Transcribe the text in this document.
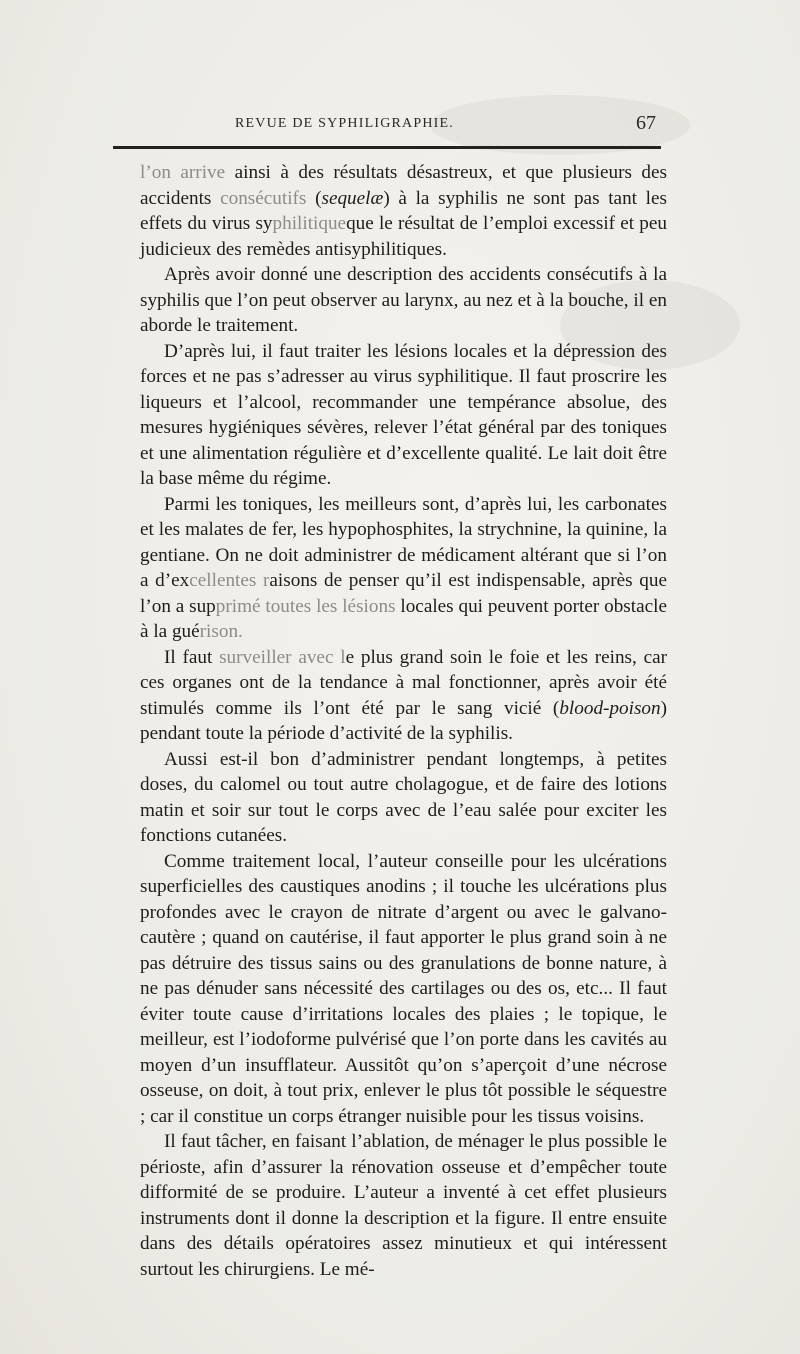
REVUE DE SYPHILIGRAPHIE.	67

l’on arrive ainsi à des résultats désastreux, et que plusieurs des accidents consécutifs (sequelæ) à la syphilis ne sont pas tant les effets du virus syphilitiqueque le résultat de l’emploi excessif et peu judicieux des remèdes antisyphilitiques.

Après avoir donné une description des accidents consécutifs à la syphilis que l’on peut observer au larynx, au nez et à la bouche, il en aborde le traitement.

D’après lui, il faut traiter les lésions locales et la dépression des forces et ne pas s’adresser au virus syphilitique. Il faut proscrire les liqueurs et l’alcool, recommander une tempérance absolue, des mesures hygiéniques sévères, relever l’état général par des toniques et une alimentation régulière et d’excellente qualité. Le lait doit être la base même du régime.

Parmi les toniques, les meilleurs sont, d’après lui, les carbonates et les malates de fer, les hypophosphites, la strychnine, la quinine, la gentiane. On ne doit administrer de médicament altérant que si l’on a d’excellentes raisons de penser qu’il est indispensable, après que l’on a supprimé toutes les lésions locales qui peuvent porter obstacle à la guérison.

Il faut surveiller avec le plus grand soin le foie et les reins, car ces organes ont de la tendance à mal fonctionner, après avoir été stimulés comme ils l’ont été par le sang vicié (blood-poison) pendant toute la période d’activité de la syphilis.

Aussi est-il bon d’administrer pendant longtemps, à petites doses, du calomel ou tout autre cholagogue, et de faire des lotions matin et soir sur tout le corps avec de l’eau salée pour exciter les fonctions cutanées.

Comme traitement local, l’auteur conseille pour les ulcérations superficielles des caustiques anodins ; il touche les ulcérations plus profondes avec le crayon de nitrate d’argent ou avec le galvano-cautère ; quand on cautérise, il faut apporter le plus grand soin à ne pas détruire des tissus sains ou des granulations de bonne nature, à ne pas dénuder sans nécessité des cartilages ou des os, etc... Il faut éviter toute cause d’irritations locales des plaies ; le topique, le meilleur, est l’iodoforme pulvérisé que l’on porte dans les cavités au moyen d’un insufflateur. Aussitôt qu’on s’aperçoit d’une nécrose osseuse, on doit, à tout prix, enlever le plus tôt possible le séquestre ; car il constitue un corps étranger nuisible pour les tissus voisins.

Il faut tâcher, en faisant l’ablation, de ménager le plus possible le périoste, afin d’assurer la rénovation osseuse et d’empêcher toute difformité de se produire. L’auteur a inventé à cet effet plusieurs instruments dont il donne la description et la figure. Il entre ensuite dans des détails opératoires assez minutieux et qui intéressent surtout les chirurgiens. Le mé-
